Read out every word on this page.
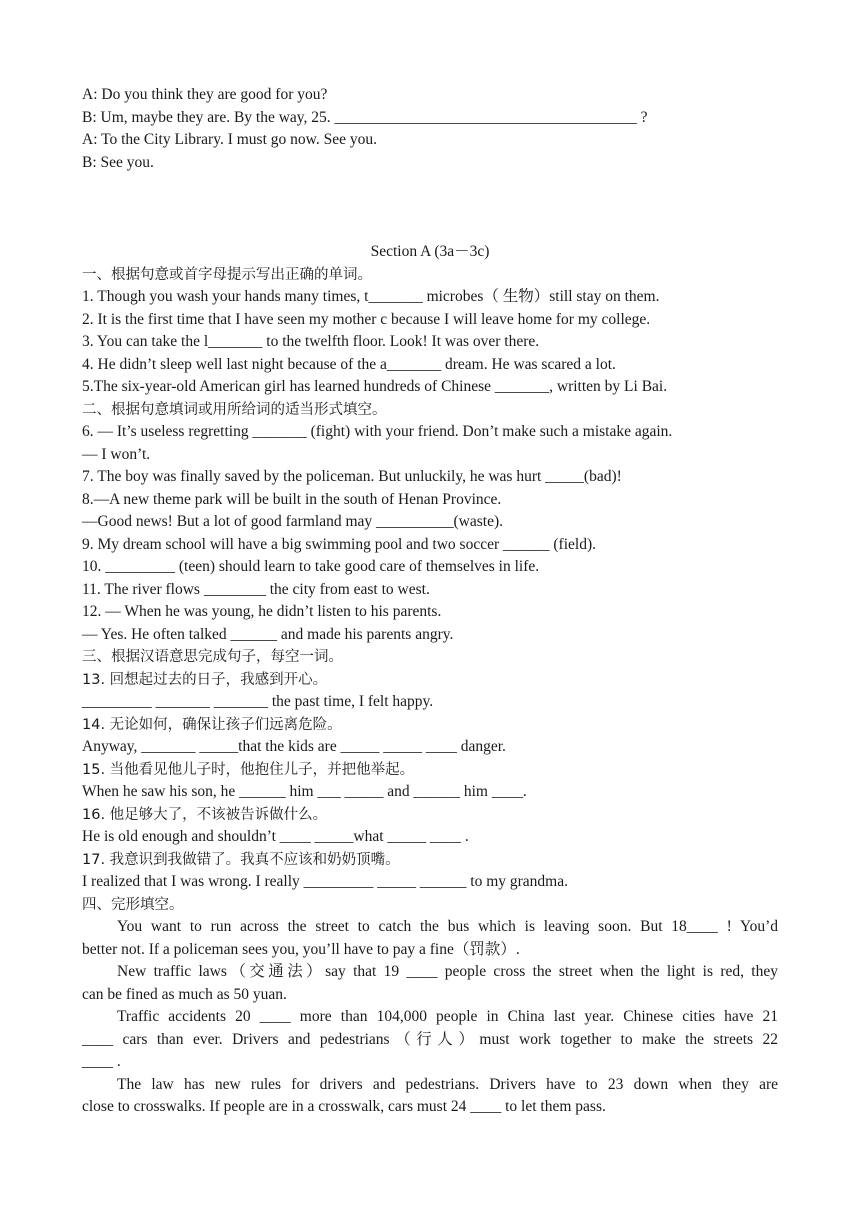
A: Do you think they are good for you?
B: Um, maybe they are. By the way, 25. _______________________________________ ?
A: To the City Library. I must go now. See you.
B: See you.
Section A (3a－3c)
一、根据句意或首字母提示写出正确的单词。
1. Though you wash your hands many times, t_______ microbes（ 生物）still stay on them.
2. It is the first time that I have seen my mother c because I will leave home for my college.
3. You can take the l_______ to the twelfth floor. Look! It was over there.
4. He didn’t sleep well last night because of the a_______ dream. He was scared a lot.
5.The six-year-old American girl has learned hundreds of Chinese _______, written by Li Bai.
二、根据句意填词或用所给词的适当形式填空。
6. — It’s useless regretting _______ (fight) with your friend. Don’t make such a mistake again.
— I won’t.
7. The boy was finally saved by the policeman. But unluckily, he was hurt _____(bad)!
8.—A new theme park will be built in the south of Henan Province.
—Good news! But a lot of good farmland may __________(waste).
9. My dream school will have a big swimming pool and two soccer ______ (field).
10. _________ (teen) should learn to take good care of themselves in life.
11. The river flows ________ the city from east to west.
12. — When he was young, he didn’t listen to his parents.
— Yes. He often talked ______ and made his parents angry.
三、根据汉语意思完成句子，每空一词。
13. 回想起过去的日子，我感到开心。
_________ _______ _______ the past time, I felt happy.
14. 无论如何，确保让孩子们远离危险。
Anyway, _______ _____that the kids are _____ _____ ____ danger.
15. 当他看见他儿子时，他抱住儿子，并把他举起。
When he saw his son, he ______ him ___ _____ and ______ him ____.
16. 他足够大了，不该被告诉做什么。
He is old enough and shouldn’t ____ _____what _____ ____ .
17. 我意识到我做错了。我真不应该和奶奶顶嘴。
I realized that I was wrong. I really _________ _____ ______ to my grandma.
四、完形填空。
You want to run across the street to catch the bus which is leaving soon. But 18____ ! You’d
better not. If a policeman sees you, you’ll have to pay a fine（罚款）.
New traffic laws（交通法）say that 19 ____ people cross the street when the light is red, they
can be fined as much as 50 yuan.
Traffic accidents 20 ____ more than 104,000 people in China last year. Chinese cities have 21
____ cars than ever. Drivers and pedestrians（行人）must work together to make the streets 22
____ .
The law has new rules for drivers and pedestrians. Drivers have to 23 down when they are
close to crosswalks. If people are in a crosswalk, cars must 24 ____ to let them pass.
